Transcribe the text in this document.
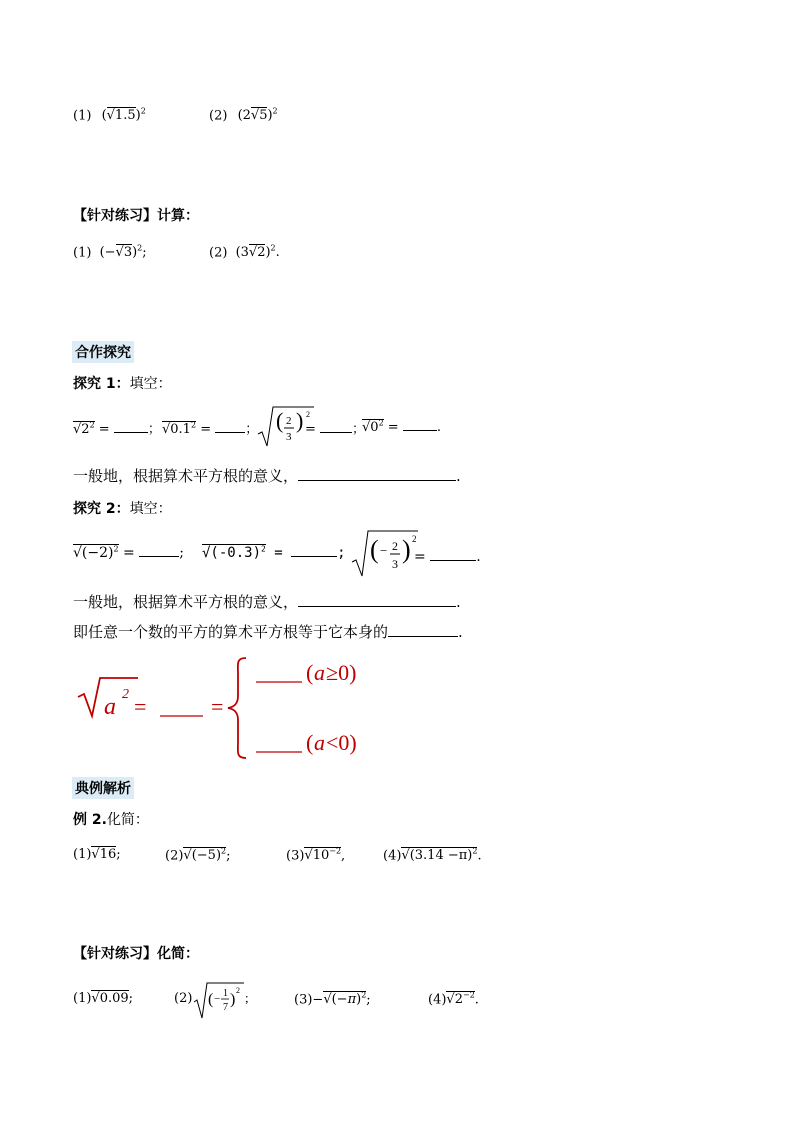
(1) $(√1.5)^2$	(2) $(2√5)^2$
【针对练习】计算：
(1) $(-√3)^2$;	(2) $(3√2)^2$.
合作探究
探究 1：填空：
$√2^2$ =	； $√0.1^2$ = ； ( 2
3
) 2
= ；
$√0^2$ =	.
一般地，根据算术平方根的意义，	.
探究 2：填空：
$√(-2)^2$ =	; $√(-0.3)^2$ =	; ( − 2
3 ) 2
=	.
一般地，根据算术平方根的意义，	.
即任意一个数的平方的算术平方根等于它本身的	.
a 2 =	=
( a ≥0)
( a <0)
典例解析
例 2.化简：
(1)√16;	$(2)√(-5)^2$;	$(3)√10^{-2}$,	$(4)√(3.14 -\pi)^2$.
【针对练习】化简：
(1)√0.09;	(2) ( − 1
7 )
2 ;	$(3)-√(-\pi)^2$;	$(4)√2^{-2}$.
